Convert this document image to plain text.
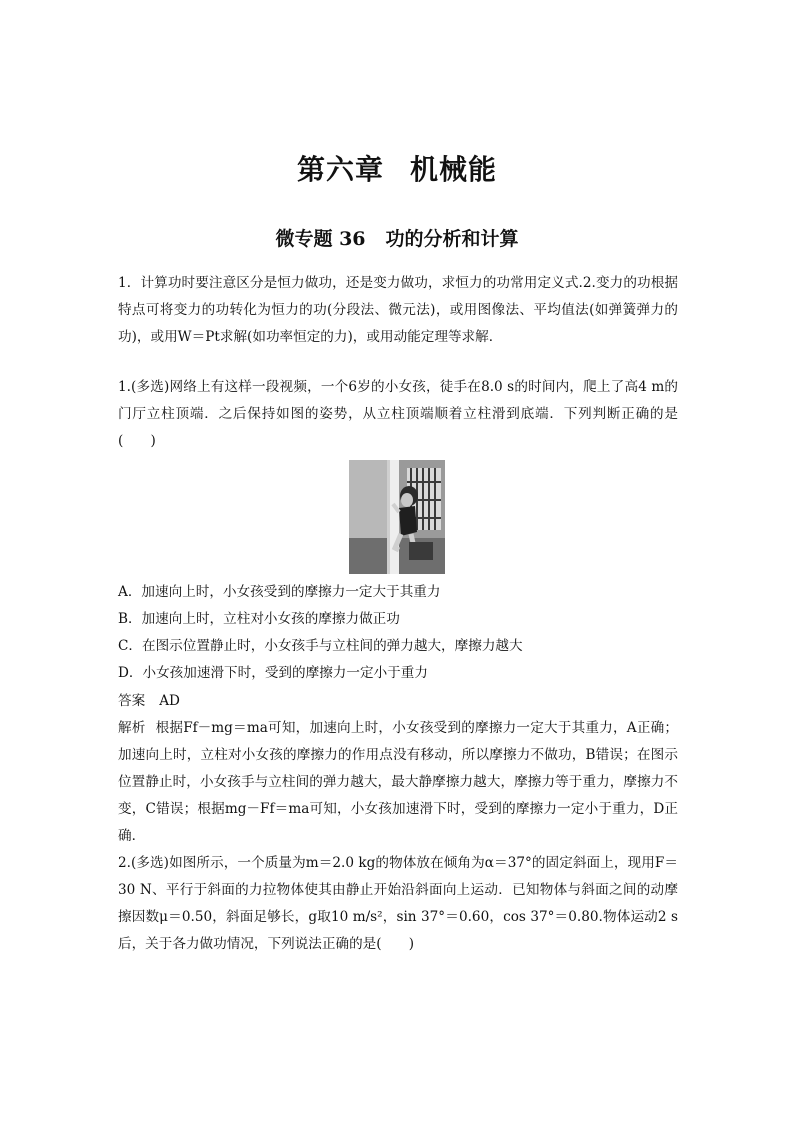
第六章 机械能
微专题 36 功的分析和计算
1．计算功时要注意区分是恒力做功，还是变力做功，求恒力的功常用定义式.2.变力的功根据特点可将变力的功转化为恒力的功(分段法、微元法)，或用图像法、平均值法(如弹簧弹力的功)，或用W＝Pt求解(如功率恒定的力)，或用动能定理等求解．
1.(多选)网络上有这样一段视频，一个6岁的小女孩，徒手在8.0 s的时间内，爬上了高4 m的门厅立柱顶端．之后保持如图的姿势，从立柱顶端顺着立柱滑到底端．下列判断正确的是(　　)
A．加速向上时，小女孩受到的摩擦力一定大于其重力
B．加速向上时，立柱对小女孩的摩擦力做正功
C．在图示位置静止时，小女孩手与立柱间的弹力越大，摩擦力越大
D．小女孩加速滑下时，受到的摩擦力一定小于重力
答案 AD
解析 根据Ff－mg＝ma可知，加速向上时，小女孩受到的摩擦力一定大于其重力，A正确；加速向上时，立柱对小女孩的摩擦力的作用点没有移动，所以摩擦力不做功，B错误；在图示位置静止时，小女孩手与立柱间的弹力越大，最大静摩擦力越大，摩擦力等于重力，摩擦力不变，C错误；根据mg－Ff＝ma可知，小女孩加速滑下时，受到的摩擦力一定小于重力，D正确．
2.(多选)如图所示，一个质量为m＝2.0 kg的物体放在倾角为α＝37°的固定斜面上，现用F＝30 N、平行于斜面的力拉物体使其由静止开始沿斜面向上运动．已知物体与斜面之间的动摩擦因数μ＝0.50，斜面足够长，g取10 m/s²，sin 37°＝0.60，cos 37°＝0.80.物体运动2 s后，关于各力做功情况，下列说法正确的是(　　)
